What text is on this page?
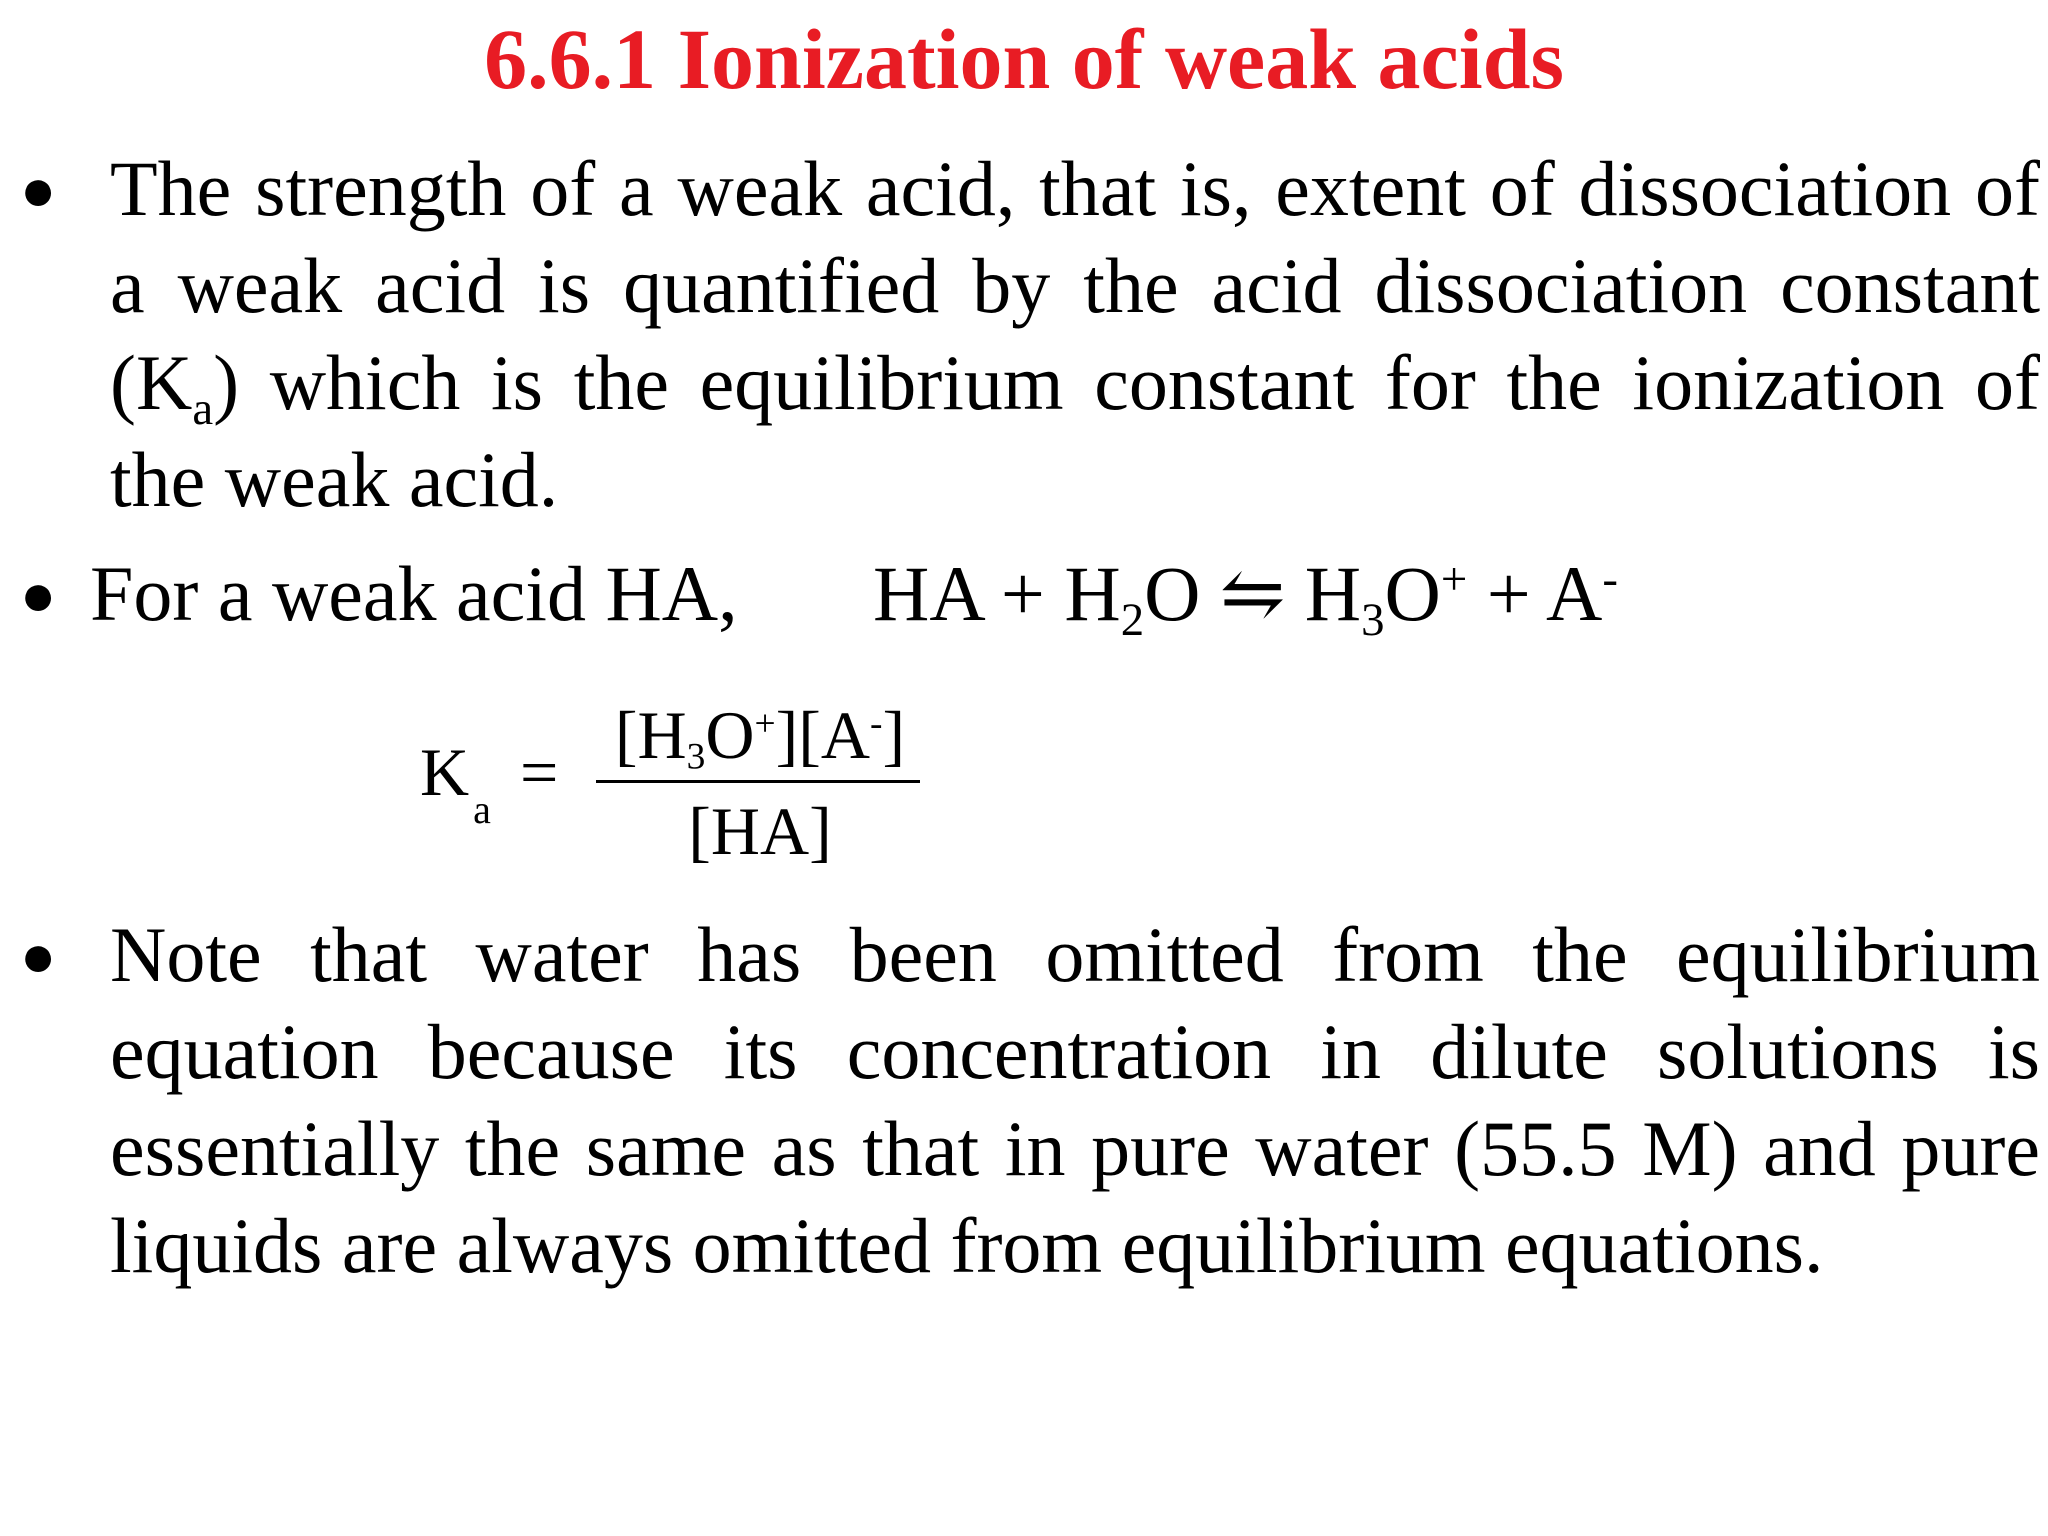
6.6.1 Ionization of weak acids
● The strength of a weak acid, that is, extent of dissociation of a weak acid is quantified by the acid dissociation constant $(K_a)$ which is the equilibrium constant for the ionization of the weak acid.
● For a weak acid HA, HA + $H_2O$ ⇋ $H_3O^+ + A^-$
K $_a = [H_3O^+][A^-]$
[HA]
● Note that water has been omitted from the equilibrium equation because its concentration in dilute solutions is essentially the same as that in pure water (55.5 M) and pure liquids are always omitted from equilibrium equations.
